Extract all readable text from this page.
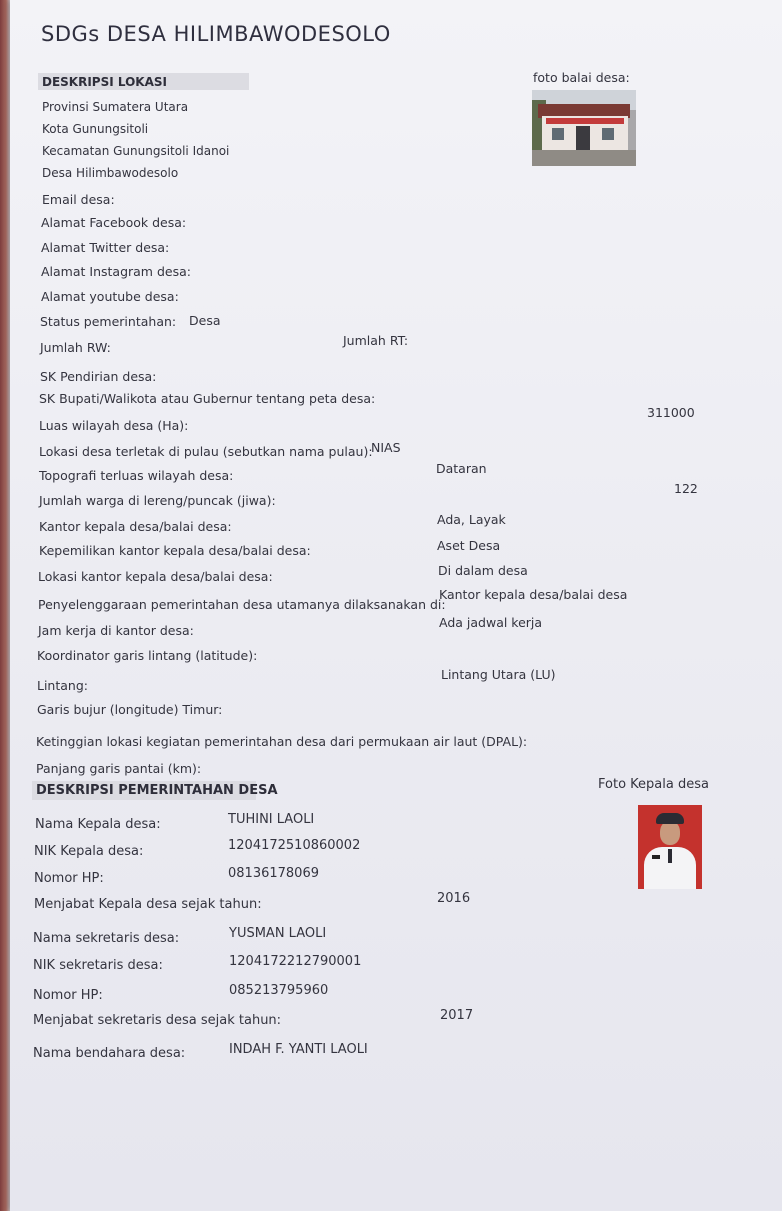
SDGs DESA HILIMBAWODESOLO
DESKRIPSI LOKASI	foto balai desa:
Provinsi Sumatera Utara
Kota Gunungsitoli
Kecamatan Gunungsitoli Idanoi
Desa Hilimbawodesolo
Email desa:
Alamat Facebook desa:
Alamat Twitter desa:
Alamat Instagram desa:
Alamat youtube desa:
Status pemerintahan: Desa
Jumlah RW:	Jumlah RT:
SK Pendirian desa:
SK Bupati/Walikota atau Gubernur tentang peta desa:
Luas wilayah desa (Ha):
311000
Lokasi desa terletak di pulau (sebutkan nama pulau):
NIAS
Topografi terluas wilayah desa:	Dataran
Jumlah warga di lereng/puncak (jiwa):
122
Kantor kepala desa/balai desa:	Ada, Layak
Kepemilikan kantor kepala desa/balai desa:	Aset Desa
Lokasi kantor kepala desa/balai desa:	Di dalam desa
Penyelenggaraan pemerintahan desa utamanya dilaksanakan di:
Kantor kepala desa/balai desa
Jam kerja di kantor desa:
Ada jadwal kerja
Koordinator garis lintang (latitude):
Lintang:
Lintang Utara (LU)
Garis bujur (longitude) Timur:
Ketinggian lokasi kegiatan pemerintahan desa dari permukaan air laut (DPAL):
Panjang garis pantai (km):
DESKRIPSI PEMERINTAHAN DESA	Foto Kepala desa
Nama Kepala desa:	TUHINI LAOLI
NIK Kepala desa:	1204172510860002
Nomor HP:	08136178069
Menjabat Kepala desa sejak tahun:	2016
Nama sekretaris desa:	YUSMAN LAOLI
NIK sekretaris desa:	1204172212790001
Nomor HP:	085213795960
Menjabat sekretaris desa sejak tahun:	2017
Nama bendahara desa:	INDAH F. YANTI LAOLI
